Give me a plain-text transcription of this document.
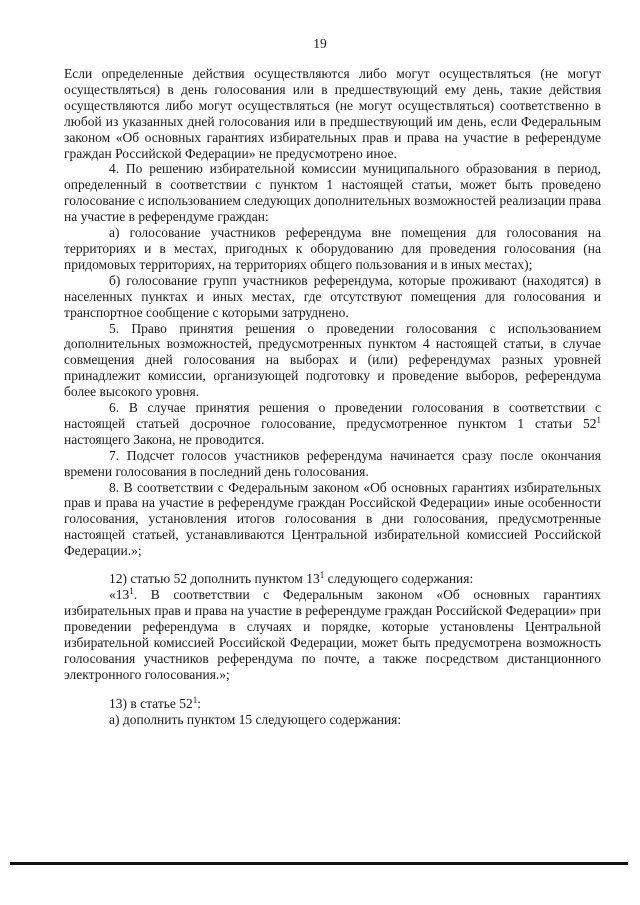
19

Если определенные действия осуществляются либо могут осуществляться (не могут осуществляться) в день голосования или в предшествующий ему день, такие действия осуществляются либо могут осуществляться (не могут осуществляться) соответственно в любой из указанных дней голосования или в предшествующий им день, если Федеральным законом «Об основных гарантиях избирательных прав и права на участие в референдуме граждан Российской Федерации» не предусмотрено иное.

4. По решению избирательной комиссии муниципального образования в период, определенный в соответствии с пунктом 1 настоящей статьи, может быть проведено голосование с использованием следующих дополнительных возможностей реализации права на участие в референдуме граждан:

а) голосование участников референдума вне помещения для голосования на территориях и в местах, пригодных к оборудованию для проведения голосования (на придомовых территориях, на территориях общего пользования и в иных местах);

б) голосование групп участников референдума, которые проживают (находятся) в населенных пунктах и иных местах, где отсутствуют помещения для голосования и транспортное сообщение с которыми затруднено.

5. Право принятия решения о проведении голосования с использованием дополнительных возможностей, предусмотренных пунктом 4 настоящей статьи, в случае совмещения дней голосования на выборах и (или) референдумах разных уровней принадлежит комиссии, организующей подготовку и проведение выборов, референдума более высокого уровня.

6. В случае принятия решения о проведении голосования в соответствии с настоящей статьей досрочное голосование, предусмотренное пунктом 1 статьи $52^1$ настоящего Закона, не проводится.

7. Подсчет голосов участников референдума начинается сразу после окончания времени голосования в последний день голосования.

8. В соответствии с Федеральным законом «Об основных гарантиях избирательных прав и права на участие в референдуме граждан Российской Федерации» иные особенности голосования, установления итогов голосования в дни голосования, предусмотренные настоящей статьей, устанавливаются Центральной избирательной комиссией Российской Федерации.»;

12) статью 52 дополнить пунктом $13^1$ следующего содержания:

«$13^1$. В соответствии с Федеральным законом «Об основных гарантиях избирательных прав и права на участие в референдуме граждан Российской Федерации» при проведении референдума в случаях и порядке, которые установлены Центральной избирательной комиссией Российской Федерации, может быть предусмотрена возможность голосования участников референдума по почте, а также посредством дистанционного электронного голосования.»;

13) в статье $52^1$:

а) дополнить пунктом 15 следующего содержания:
